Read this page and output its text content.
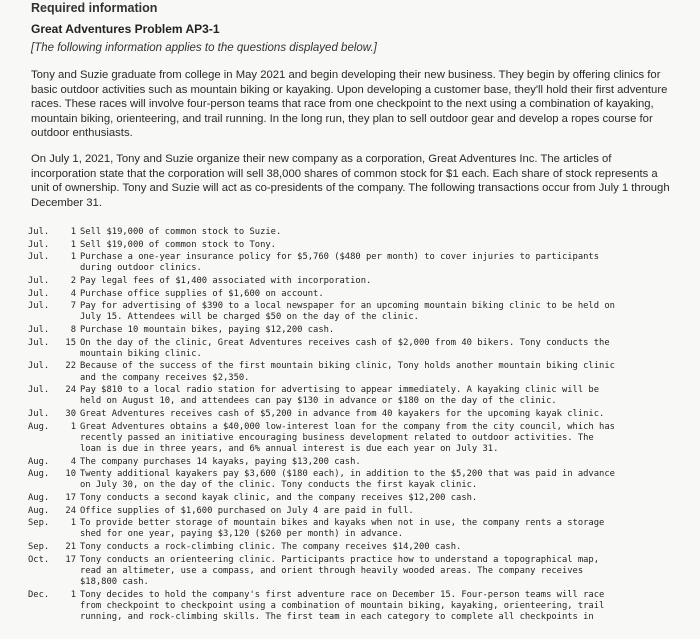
Required information
Great Adventures Problem AP3-1
[The following information applies to the questions displayed below.]
Tony and Suzie graduate from college in May 2021 and begin developing their new business. They begin by offering clinics for basic outdoor activities such as mountain biking or kayaking. Upon developing a customer base, they'll hold their first adventure races. These races will involve four-person teams that race from one checkpoint to the next using a combination of kayaking, mountain biking, orienteering, and trail running. In the long run, they plan to sell outdoor gear and develop a ropes course for outdoor enthusiasts.
On July 1, 2021, Tony and Suzie organize their new company as a corporation, Great Adventures Inc. The articles of incorporation state that the corporation will sell 38,000 shares of common stock for $1 each. Each share of stock represents a unit of ownership. Tony and Suzie will act as co-presidents of the company. The following transactions occur from July 1 through December 31.
Jul.	1 Sell $19,000 of common stock to Suzie.
Jul.	1 Sell $19,000 of common stock to Tony.
Jul.	1 Purchase a one-year insurance policy for $5,760 ($480 per month) to cover injuries to participants
during outdoor clinics.
Jul.	2 Pay legal fees of $1,400 associated with incorporation.
Jul.	4 Purchase office supplies of $1,600 on account.
Jul.	7 Pay for advertising of $390 to a local newspaper for an upcoming mountain biking clinic to be held on
July 15. Attendees will be charged $50 on the day of the clinic.
Jul.	8 Purchase 10 mountain bikes, paying $12,200 cash.
Jul.	15 On the day of the clinic, Great Adventures receives cash of $2,000 from 40 bikers. Tony conducts the
mountain biking clinic.
Jul.	22 Because of the success of the first mountain biking clinic, Tony holds another mountain biking clinic
and the company receives $2,350.
Jul.	24 Pay $810 to a local radio station for advertising to appear immediately. A kayaking clinic will be
held on August 10, and attendees can pay $130 in advance or $180 on the day of the clinic.
Jul.	30 Great Adventures receives cash of $5,200 in advance from 40 kayakers for the upcoming kayak clinic.
Aug.	1 Great Adventures obtains a $40,000 low-interest loan for the company from the city council, which has
recently passed an initiative encouraging business development related to outdoor activities. The
loan is due in three years, and 6% annual interest is due each year on July 31.
Aug.	4 The company purchases 14 kayaks, paying $13,200 cash.
Aug.	10 Twenty additional kayakers pay $3,600 ($180 each), in addition to the $5,200 that was paid in advance
on July 30, on the day of the clinic. Tony conducts the first kayak clinic.
Aug.	17 Tony conducts a second kayak clinic, and the company receives $12,200 cash.
Aug.	24 Office supplies of $1,600 purchased on July 4 are paid in full.
Sep.	1 To provide better storage of mountain bikes and kayaks when not in use, the company rents a storage
shed for one year, paying $3,120 ($260 per month) in advance.
Sep.	21 Tony conducts a rock-climbing clinic. The company receives $14,200 cash.
Oct.	17 Tony conducts an orienteering clinic. Participants practice how to understand a topographical map,
read an altimeter, use a compass, and orient through heavily wooded areas. The company receives
$18,800 cash.
Dec.	1 Tony decides to hold the company's first adventure race on December 15. Four-person teams will race
from checkpoint to checkpoint using a combination of mountain biking, kayaking, orienteering, trail
running, and rock-climbing skills. The first team in each category to complete all checkpoints in
